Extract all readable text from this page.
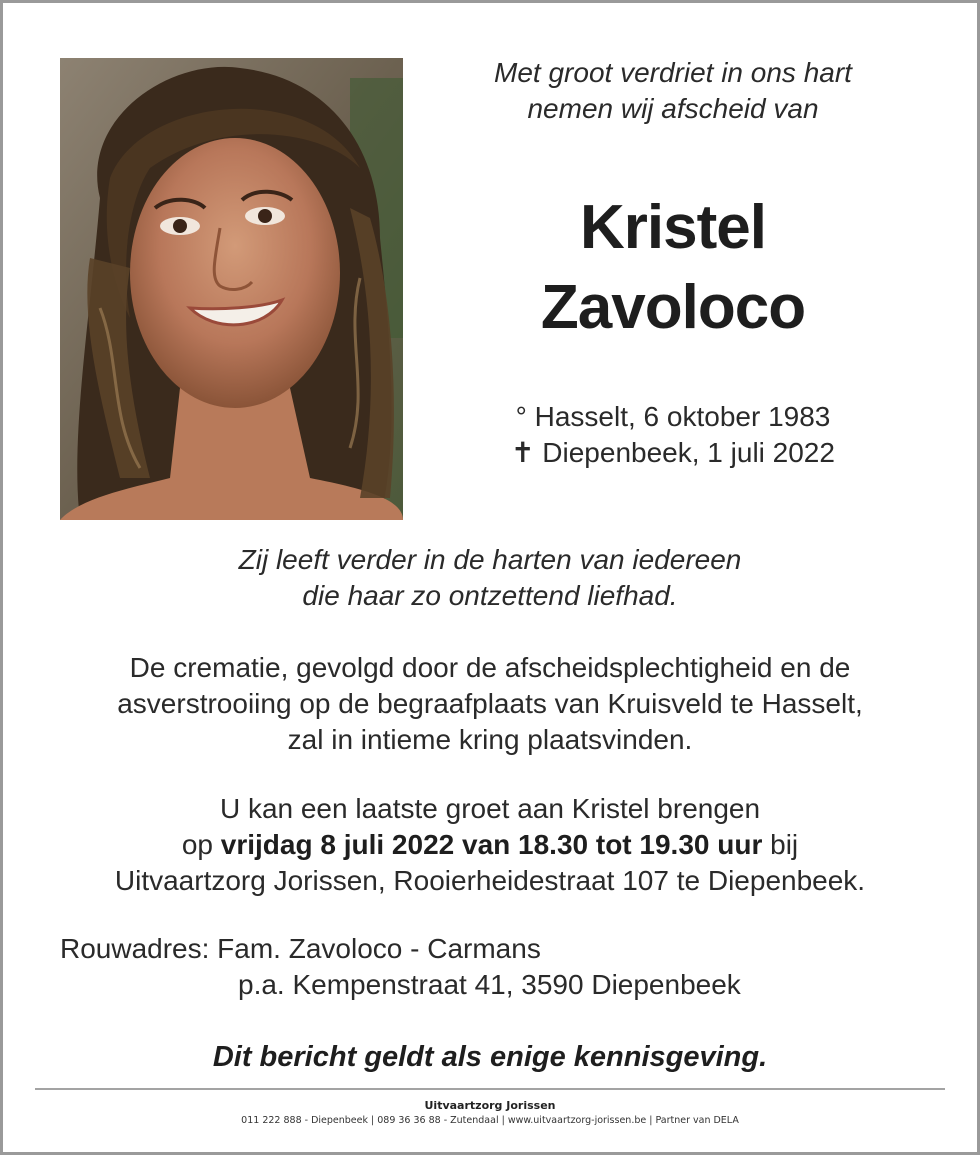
Met groot verdriet in ons hart
nemen wij afscheid van
Kristel
Zavoloco
° Hasselt, 6 oktober 1983
✝ Diepenbeek, 1 juli 2022
Zij leeft verder in de harten van iedereen
die haar zo ontzettend liefhad.
De crematie, gevolgd door de afscheidsplechtigheid en de
asverstrooiing op de begraafplaats van Kruisveld te Hasselt,
zal in intieme kring plaatsvinden.
U kan een laatste groet aan Kristel brengen
op vrijdag 8 juli 2022 van 18.30 tot 19.30 uur bij
Uitvaartzorg Jorissen, Rooierheidestraat 107 te Diepenbeek.
Rouwadres: Fam. Zavoloco - Carmans
p.a. Kempenstraat 41, 3590 Diepenbeek
Dit bericht geldt als enige kennisgeving.
Uitvaartzorg Jorissen
011 222 888 - Diepenbeek | 089 36 36 88 - Zutendaal | www.uitvaartzorg-jorissen.be | Partner van DELA
